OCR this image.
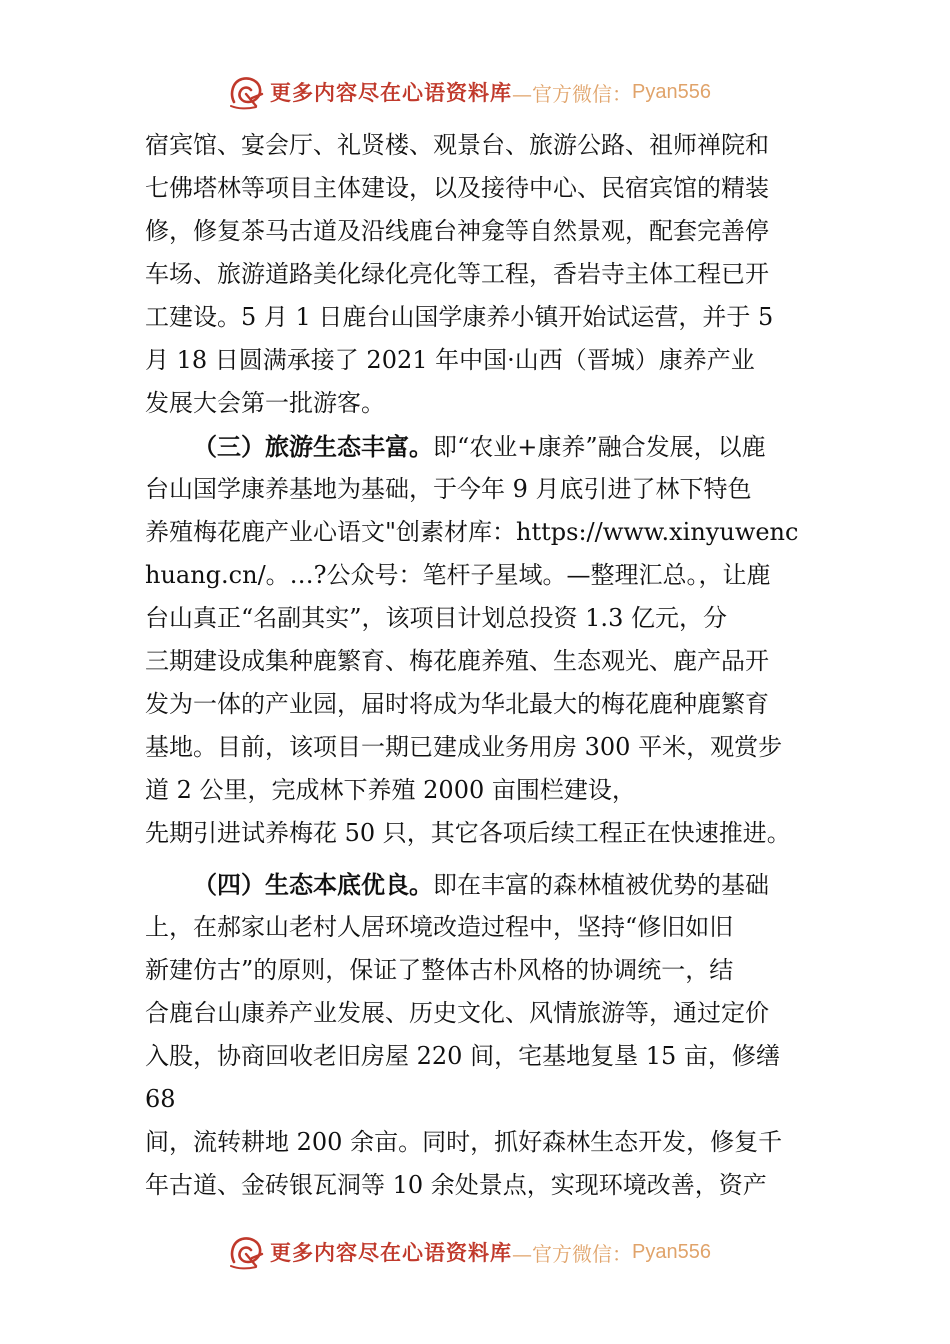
更多内容尽在心语资料库 —官方微信： Pyan556
宿宾馆、宴会厅、礼贤楼、观景台、旅游公路、祖师禅院和
七佛塔林等项目主体建设，以及接待中心、民宿宾馆的精装
修，修复茶马古道及沿线鹿台神龛等自然景观，配套完善停
车场、旅游道路美化绿化亮化等工程，香岩寺主体工程已开
工建设。5 月 1 日鹿台山国学康养小镇开始试运营，并于 5
月 18 日圆满承接了 2021 年中国·山西（晋城）康养产业
发展大会第一批游客。
（三）旅游生态丰富。即“农业+康养”融合发展，以鹿
台山国学康养基地为基础，于今年 9 月底引进了林下特色
养殖梅花鹿产业心语文"创素材库：https://www.xinyuwenc
huang.cn/。…?公众号：笔杆子星域。—整理汇总。，让鹿
台山真正“名副其实”，该项目计划总投资 1.3 亿元，分
三期建设成集种鹿繁育、梅花鹿养殖、生态观光、鹿产品开
发为一体的产业园，届时将成为华北最大的梅花鹿种鹿繁育
基地。目前，该项目一期已建成业务用房 300 平米，观赏步
道 2 公里，完成林下养殖 2000 亩围栏建设，
先期引进试养梅花 50 只，其它各项后续工程正在快速推进。
（四）生态本底优良。即在丰富的森林植被优势的基础
上，在郝家山老村人居环境改造过程中，坚持“修旧如旧
新建仿古”的原则，保证了整体古朴风格的协调统一，结
合鹿台山康养产业发展、历史文化、风情旅游等，通过定价
入股，协商回收老旧房屋 220 间，宅基地复垦 15 亩，修缮
68
间，流转耕地 200 余亩。同时，抓好森林生态开发，修复千
年古道、金砖银瓦洞等 10 余处景点，实现环境改善，资产
更多内容尽在心语资料库 —官方微信： Pyan556
